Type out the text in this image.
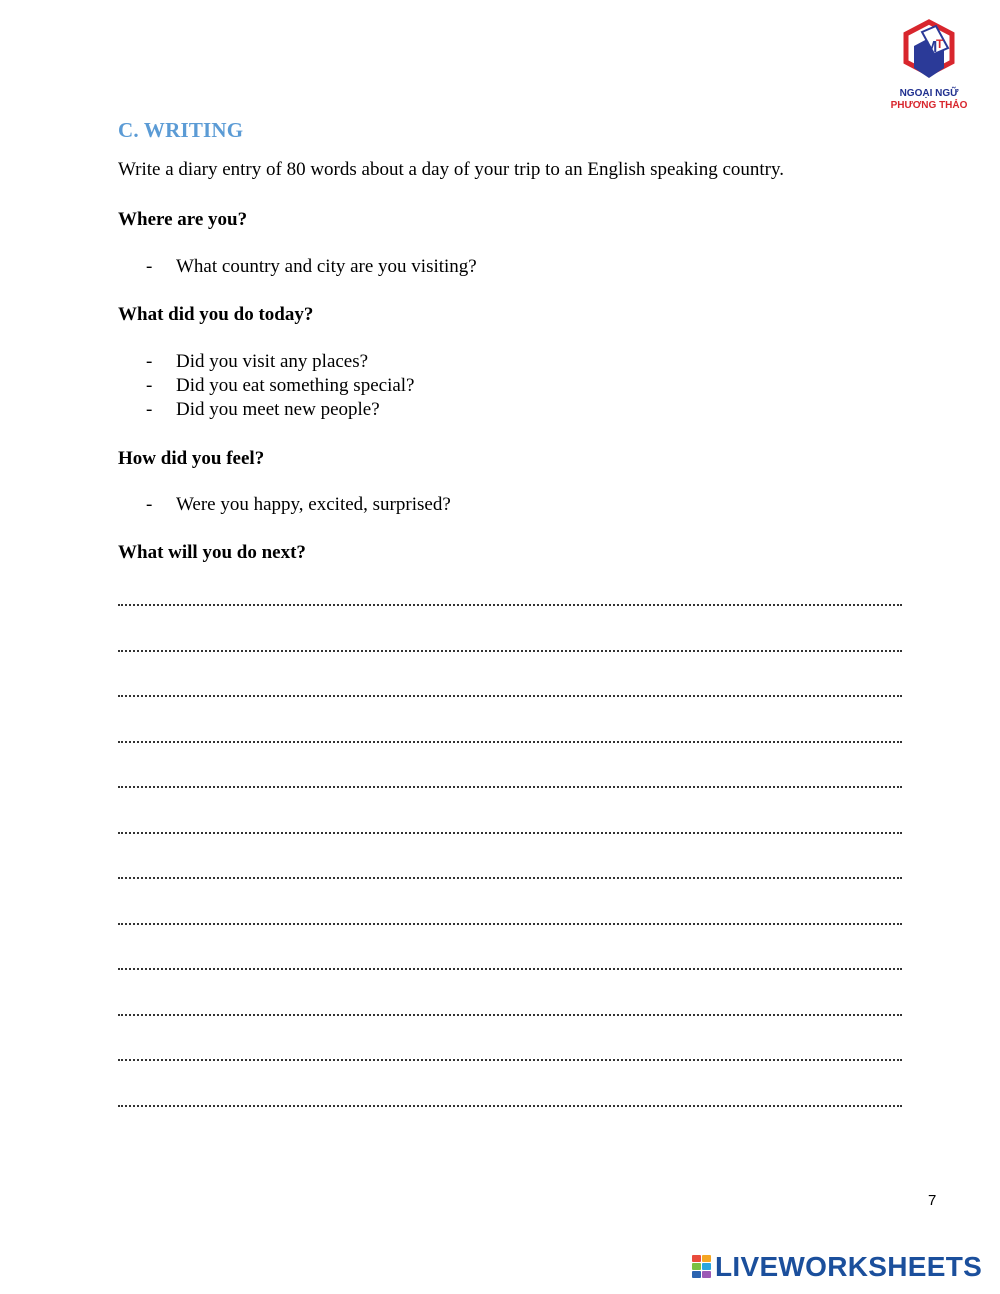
M
T
NGOẠI NGỮ
PHƯƠNG THẢO
C. WRITING
Write a diary entry of 80 words about a day of your trip to an English speaking country.
Where are you?
- What country and city are you visiting?
What did you do today?
- Did you visit any places?
- Did you eat something special?
- Did you meet new people?
How did you feel?
- Were you happy, excited, surprised?
What will you do next?
7
LIVEWORKSHEETS
